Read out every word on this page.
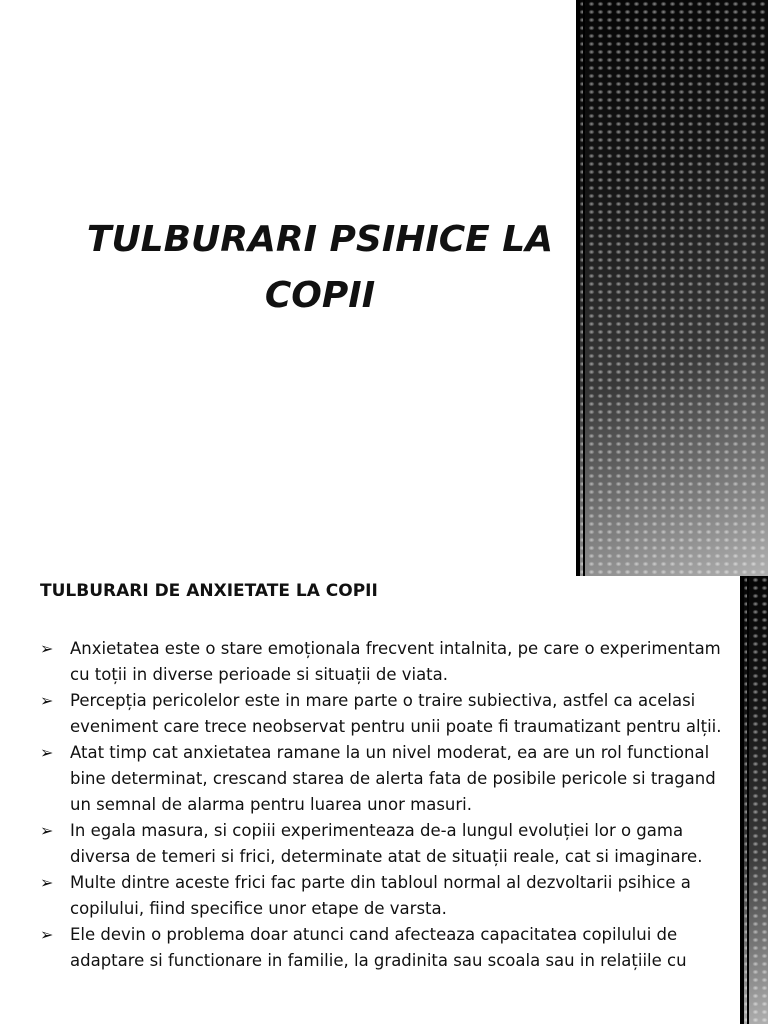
TULBURARI PSIHICE LA
COPII
TULBURARI DE ANXIETATE LA COPII
➢ Anxietatea este o stare emoționala frecvent intalnita, pe care o experimentam cu toții in diverse perioade si situații de viata.
➢ Percepția pericolelor este in mare parte o traire subiectiva, astfel ca acelasi eveniment care trece neobservat pentru unii poate fi traumatizant pentru alții.
➢ Atat timp cat anxietatea ramane la un nivel moderat, ea are un rol functional bine determinat, crescand starea de alerta fata de posibile pericole si tragand un semnal de alarma pentru luarea unor masuri.
➢ In egala masura, si copiii experimenteaza de-a lungul evoluției lor o gama diversa de temeri si frici, determinate atat de situații reale, cat si imaginare.
➢ Multe dintre aceste frici fac parte din tabloul normal al dezvoltarii psihice a copilului, fiind specifice unor etape de varsta.
➢ Ele devin o problema doar atunci cand afecteaza capacitatea copilului de adaptare si functionare in familie, la gradinita sau scoala sau in relațiile cu
